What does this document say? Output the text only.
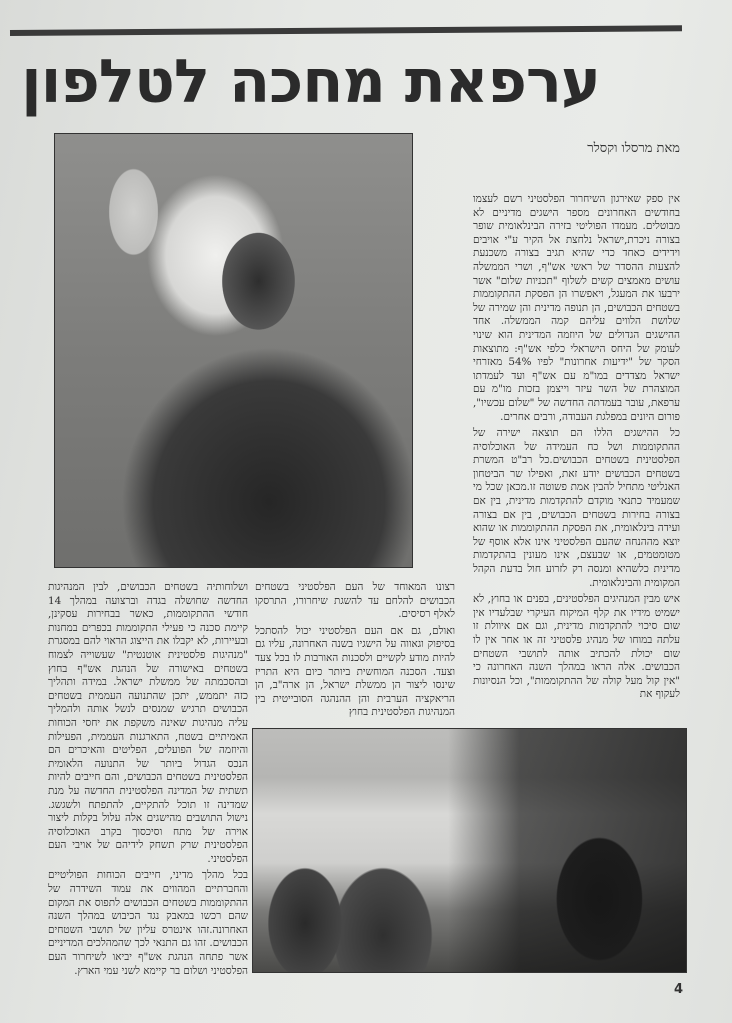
ערפאת מחכה לטלפון
מאת מרסלו וקסלר

אין ספק שאירגון השיחרור הפלסטיני רשם לעצמו בחודשים האחרונים מספר הישגים מדיניים לא מבוטלים. מעמדו הפוליטי בזירה הבינלאומית שופר בצורה ניכרת,ישראל נלחצת אל הקיר ע"י אויבים וידידים כאחד כדי שהיא תגיב בצורה משכנעת להצעות ההסדר של ראשי אש"ף, ושרי הממשלה עושים מאמצים קשים לשלוף "תכניות שלום" אשר ירבעו את המעגל, ויאפשרו הן הפסקת ההתקוממות בשטחים הכבושים, הן תנופה מדינית והן שמירה של שלושת הלווים עליהם קמה הממשלה. אחד ההישגים הגדולים של היוזמה המדינית הוא שינוי לעומק של היחס הישראלי כלפי אש"ף: מתוצאות הסקר של "ידיעות אחרונות" לפיו 54% מאזרחי ישראל מצדדים במו"מ עם אש"ף ועד לעמדתו המוצהרת של השר עיזר וייצמן בזכות מו"מ עם ערפאת, עובר בעמדתה החדשה של "שלום עכשיו", פורום היונים במפלגת העבודה, ורבים אחרים.

כל ההישגים הללו הם תוצאה ישירה של ההתקוממות ושל כח העמידה של האוכלוסיה הפלסטינית בשטחים הכבושים.כל רב"ט המשרת בשטחים הכבושים יודע זאת, ואפילו שר הביטחון האנליטי מתחיל להבין אמת פשוטה זו.מכאן שכל מי שמעמיד כתנאי מוקדם להתקדמות מדינית, בין אם בצורה בחירות בשטחים הכבושים, בין אם בצורה ועידה בינלאומית, את הפסקת ההתקוממות או שהוא יוצא מההנחה שהעם הפלסטיני אינו אלא אוסף של מטומטמים, או שבעצם, אינו מעונין בהתקדמות מדינית כלשהיא ומנסה רק לזרוע חול בדעת הקהל המקומית והבינלאומית.

איש מבין המנהיגים הפלסטינים, בפנים או בחוץ, לא ישמיט מידיו את קלף המיקוח העיקרי שבלעדיו אין שום סיכוי להתקדמות מדינית, וגם אם איוולת זו עלתה במוחו של מנהיג פלסטיני זה או אחר אין לו שום יכולת להכתיב אותה לתושבי השטחים הכבושים. אלה הראו במהלך השנה האחרונה כי "אין קול מעל קולה של ההתקוממות", וכל הנסיונות לעקוף את

רצונו המאוחד של העם הפלסטיני בשטחים הכבושים להלחם עד להשגת שיחרורו, התרסקו לאלף רסיסים.

ואולם, גם אם העם הפלסטיני יכול להסתכל בסיפוק וגאווה על הישגיו בשנה האחרונה, עליו גם להיות מודע לקשיים ולסכנות האורבות לו בכל צעד וצעד. הסכנה המוחשית ביותר כיום היא התריז שינסו ליצור הן ממשלת ישראל, הן ארה"ב, הן הריאקציה הערבית והן ההנהגה הסובייטית בין המנהיגות הפלסטינית בחוץ

ושלוחותיה בשטחים הכבושים, לבין המנהיגות החדשה שחושלה בגדה וברצועה במהלך 14 חודשי ההתקוממות, כאשר בבחירות עסקינן, קיימת סכנה כי פעילי התקוממות בכפרים במחנות ובעיירות, לא יקבלו את הייצוג הראוי להם במסגרת "מנהיגות פלסטינית אוטנטית" שעשוייה לצמוח בשטחים באישורה של הנהגת אש"ף בחוץ ובהסכמתה של ממשלת ישראל. במידה ותהליך כזה יתממש, יתכן שהתנועה העממית בשטחים הכבושים תרגיש שמנסים לנשל אותה ולהמליך עליה מנהיגות שאינה משקפת את יחסי הכוחות האמיתיים בשטח, התארגנות העממית, הפעילות והיוזמה של הפועלים, הפליטים והאיכרים הם הנכס הגדול ביותר של התנועה הלאומית הפלסטינית בשטחים הכבושים, והם חייבים להיות תשתית של המדינה הפלסטינית החדשה על מנת שמדינה זו תוכל להתקיים, להתפתח ולשגשג. נישול התושבים מהישגים אלה עלול בקלות ליצור אוירה של מתח וסיכסוך בקרב האוכלוסיה הפלסטינית שרק תשחק לידיהם של אויבי העם הפלסטיני.

בכל מהלך מדיני, חייבים הכוחות הפוליטיים והחברתיים המהווים את עמוד השידרה של ההתקוממות בשטחים הכבושים לתפוס את המקום שהם רכשו במאבק נגד הכיבוש במהלך השנה האחרונה.זהו אינטרס עליון של תושבי השטחים הכבושים. זהו גם התנאי לכך שהמהלכים המדיניים אשר פתחה הנהגת אש"ף יביאו לשיחרור העם הפלסטיני ושלום בר קיימא לשני עמי הארץ.

4
